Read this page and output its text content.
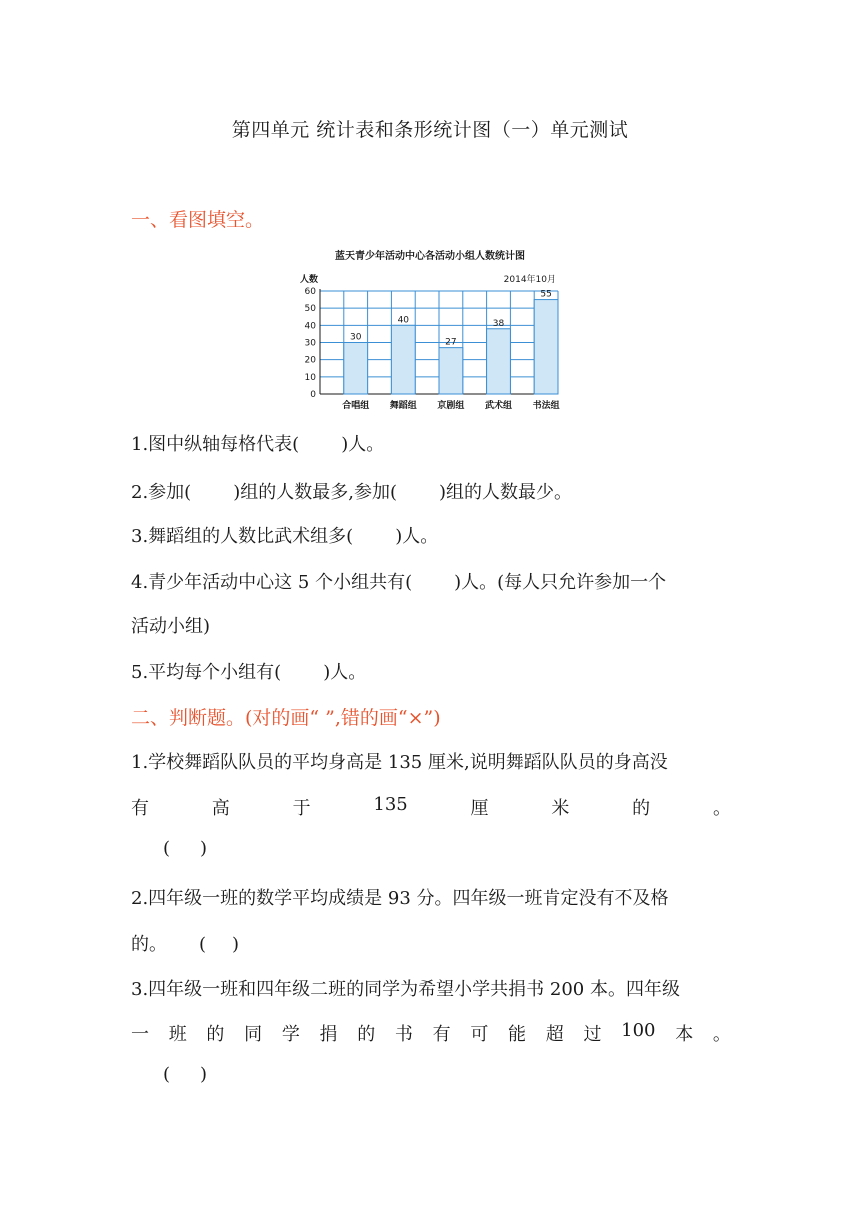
第四单元 统计表和条形统计图（一）单元测试
一、看图填空。
蓝天青少年活动中心各活动小组人数统计图
人数	2014年10月
30
40
27
38
55
0
10
20
30
40
50
60
合唱组 舞蹈组 京剧组 武术组 书法组
1.图中纵轴每格代表( )人。
2.参加( )组的人数最多,参加( )组的人数最少。
3.舞蹈组的人数比武术组多( )人。
4.青少年活动中心这 5 个小组共有( )人。(每人只允许参加一个
活动小组)
5.平均每个小组有( )人。
二、判断题。(对的画“ ”,错的画“×”)
1.学校舞蹈队队员的平均身高是 135 厘米,说明舞蹈队队员的身高没
有	高	于	135	厘	米	的	。
( )
2.四年级一班的数学平均成绩是 93 分。四年级一班肯定没有不及格
的。 ( )
3.四年级一班和四年级二班的同学为希望小学共捐书 200 本。四年级
一 班 的 同 学 捐 的 书 有 可 能 超 过 100 本 。
( )
